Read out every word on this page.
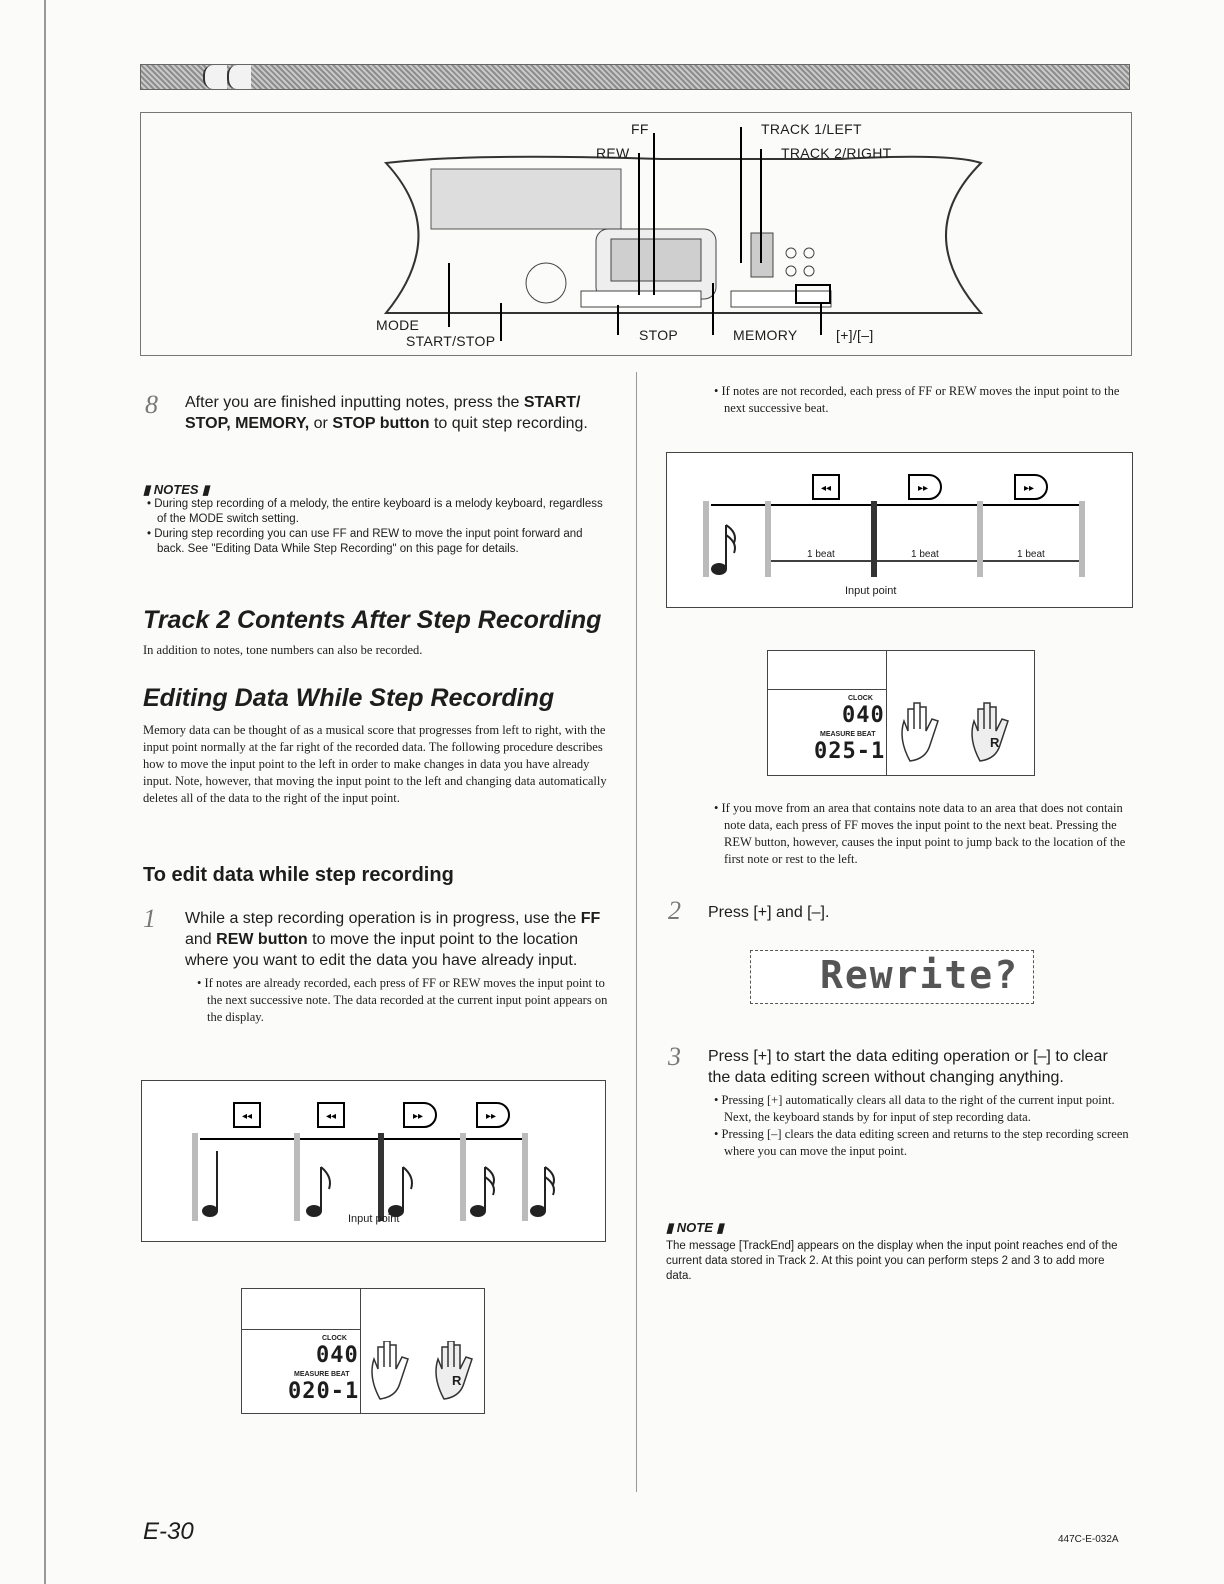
FF
REW
TRACK 1/LEFT
TRACK 2/RIGHT
MODE
START/STOP	STOP	MEMORY	[+]/[–]
8 After you are finished inputting notes, press the START/ STOP, MEMORY, or STOP button to quit step recording.
▮ NOTES ▮
• During step recording of a melody, the entire keyboard is a melody keyboard, regardless of the MODE switch setting.
• During step recording you can use FF and REW to move the input point forward and back. See "Editing Data While Step Recording" on this page for details.
Track 2 Contents After Step Recording
In addition to notes, tone numbers can also be recorded.
Editing Data While Step Recording
Memory data can be thought of as a musical score that progresses from left to right, with the input point normally at the far right of the recorded data. The following procedure describes how to move the input point to the left in order to make changes in data you have already input. Note, however, that moving the input point to the left and changing data automatically deletes all of the data to the right of the input point.
To edit data while step recording
1 While a step recording operation is in progress, use the FF and REW button to move the input point to the location where you want to edit the data you have already input.
• If notes are already recorded, each press of FF or REW moves the input point to the next successive note. The data recorded at the current input point appears on the display.
◂◂	◂◂	▸▸	▸▸
Input point
CLOCK
040
MEASURE BEAT
020-1	R
• If notes are not recorded, each press of FF or REW moves the input point to the next successive beat.
◂◂	▸▸	▸▸
1 beat	1 beat	1 beat
Input point
CLOCK
040
MEASURE BEAT
025-1	R
• If you move from an area that contains note data to an area that does not contain note data, each press of FF moves the input point to the next beat. Pressing the REW button, however, causes the input point to jump back to the location of the first note or rest to the left.
2 Press [+] and [–].
Rewrite?
3 Press [+] to start the data editing operation or [–] to clear the data editing screen without changing anything.
• Pressing [+] automatically clears all data to the right of the current input point. Next, the keyboard stands by for input of step recording data.
• Pressing [–] clears the data editing screen and returns to the step recording screen where you can move the input point.
▮ NOTE ▮
The message [TrackEnd] appears on the display when the input point reaches end of the current data stored in Track 2. At this point you can perform steps 2 and 3 to add more data.
E-30	447C-E-032A
